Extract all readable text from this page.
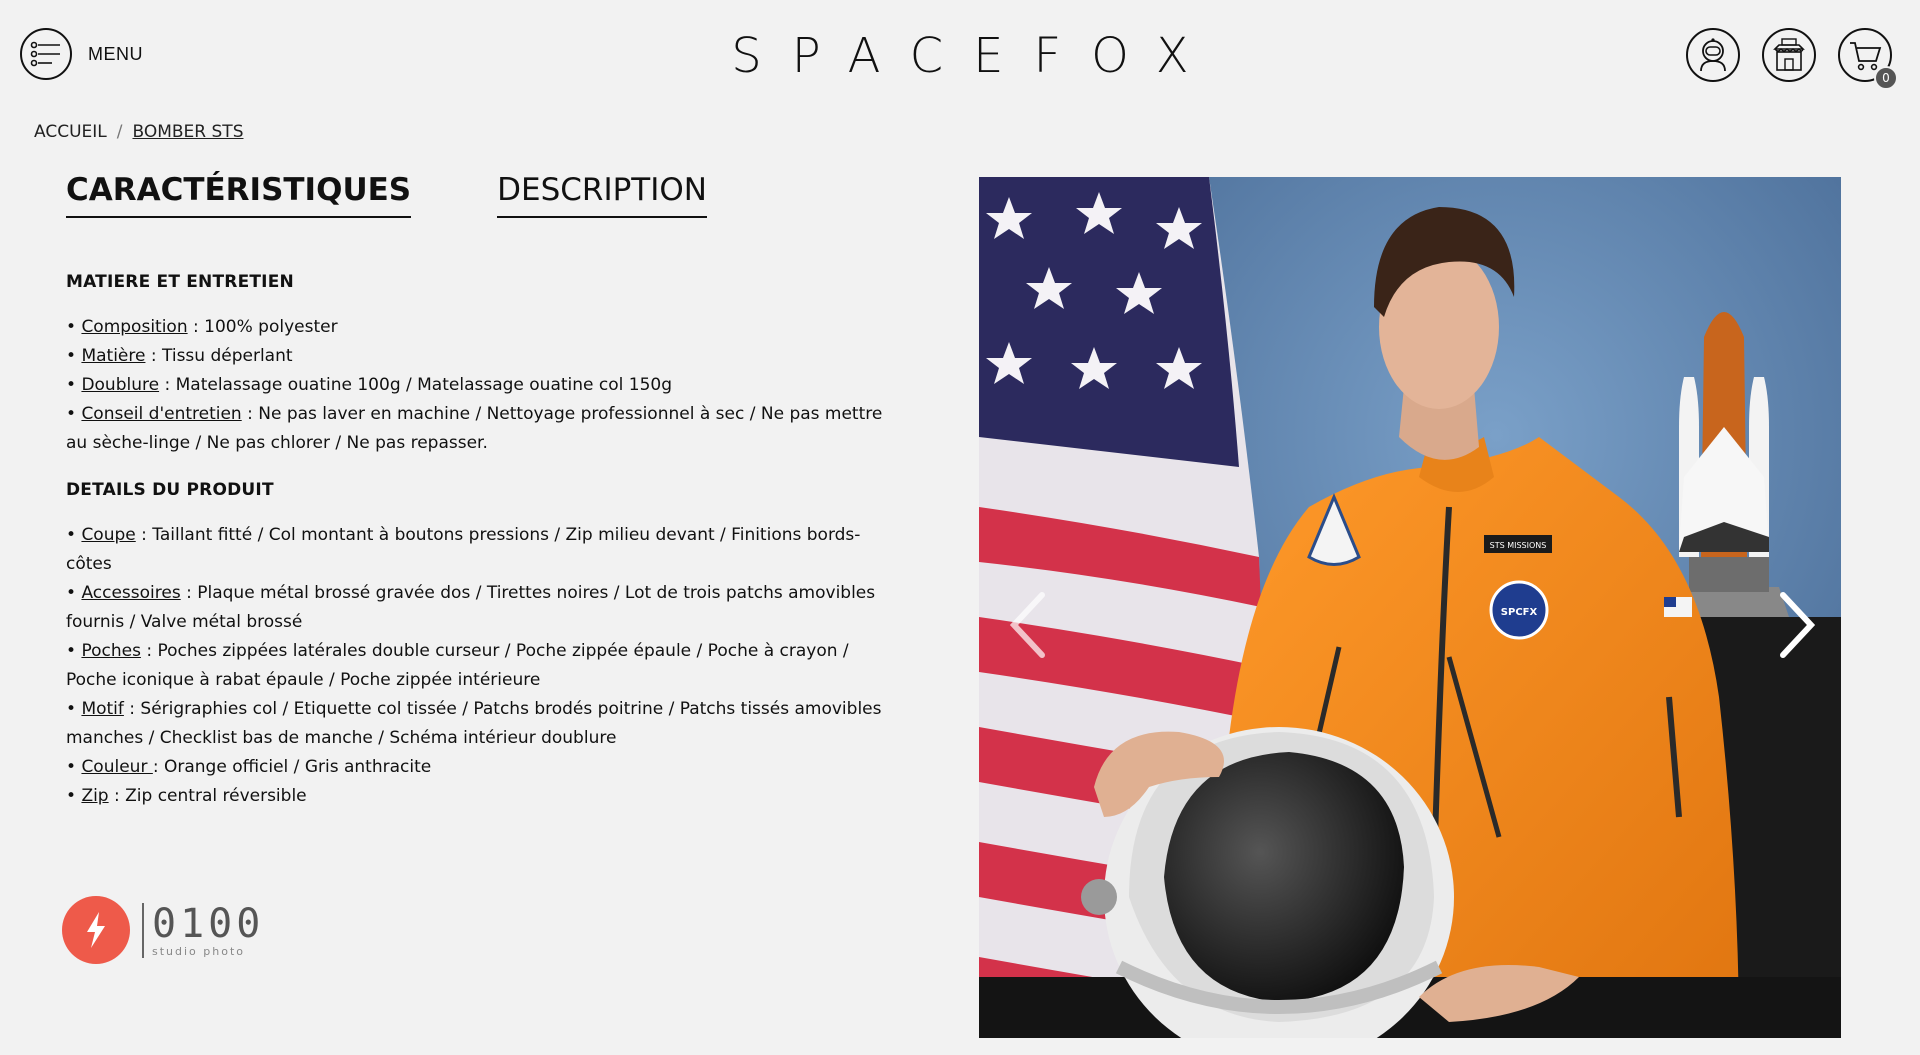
MENU	SPACEFOX	0
ACCUEIL / BOMBER STS
CARACTÉRISTIQUES	DESCRIPTION
MATIERE ET ENTRETIEN

• Composition : 100% polyester

• Matière : Tissu déperlant

• Doublure : Matelassage ouatine 100g / Matelassage ouatine col 150g

• Conseil d'entretien : Ne pas laver en machine / Nettoyage professionnel à sec / Ne pas mettre au sèche-linge / Ne pas chlorer / Ne pas repasser.

DETAILS DU PRODUIT

• Coupe : Taillant fitté / Col montant à boutons pressions / Zip milieu devant / Finitions bords-côtes

• Accessoires : Plaque métal brossé gravée dos / Tirettes noires / Lot de trois patchs amovibles fournis / Valve métal brossé

• Poches : Poches zippées latérales double curseur / Poche zippée épaule / Poche à crayon / Poche iconique à rabat épaule / Poche zippée intérieure

• Motif : Sérigraphies col / Etiquette col tissée / Patchs brodés poitrine / Patchs tissés amovibles manches / Checklist bas de manche / Schéma intérieur doublure

• Couleur : Orange officiel / Gris anthracite

• Zip : Zip central réversible

0100
studio photo
STS MISSIONS
SPCFX
